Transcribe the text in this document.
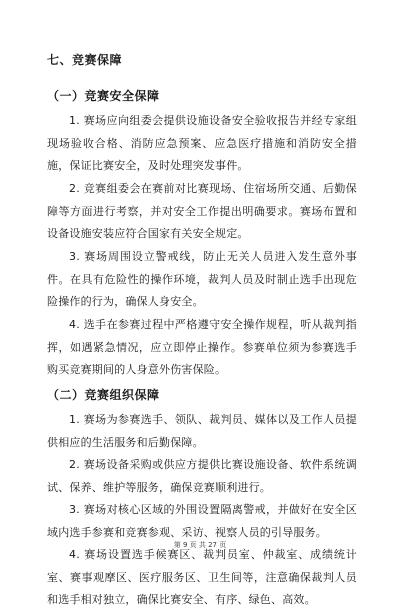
七、竞赛保障
（一）竞赛安全保障

1. 赛场应向组委会提供设施设备安全验收报告并经专家组现场验收合格、消防应急预案、应急医疗措施和消防安全措施，保证比赛安全，及时处理突发事件。

2. 竞赛组委会在赛前对比赛现场、住宿场所交通、后勤保障等方面进行考察，并对安全工作提出明确要求。赛场布置和设备设施安装应符合国家有关安全规定。

3. 赛场周围设立警戒线，防止无关人员进入发生意外事件。在具有危险性的操作环境，裁判人员及时制止选手出现危险操作的行为，确保人身安全。

4. 选手在参赛过程中严格遵守安全操作规程，听从裁判指挥，如遇紧急情况，应立即停止操作。参赛单位须为参赛选手购买竞赛期间的人身意外伤害保险。

（二）竞赛组织保障

1. 赛场为参赛选手、领队、裁判员、媒体以及工作人员提供相应的生活服务和后勤保障。

2. 赛场设备采购或供应方提供比赛设施设备、软件系统调试、保养、维护等服务，确保竞赛顺利进行。

3. 赛场对核心区域的外围设置隔离警戒，并做好在安全区域内选手参赛和竞赛参观、采访、视察人员的引导服务。

4. 赛场设置选手候赛区、裁判员室、仲裁室、成绩统计室、赛事观摩区、医疗服务区、卫生间等，注意确保裁判人员和选手相对独立，确保比赛安全、有序、绿色、高效。

第 9 页 共 27 页
